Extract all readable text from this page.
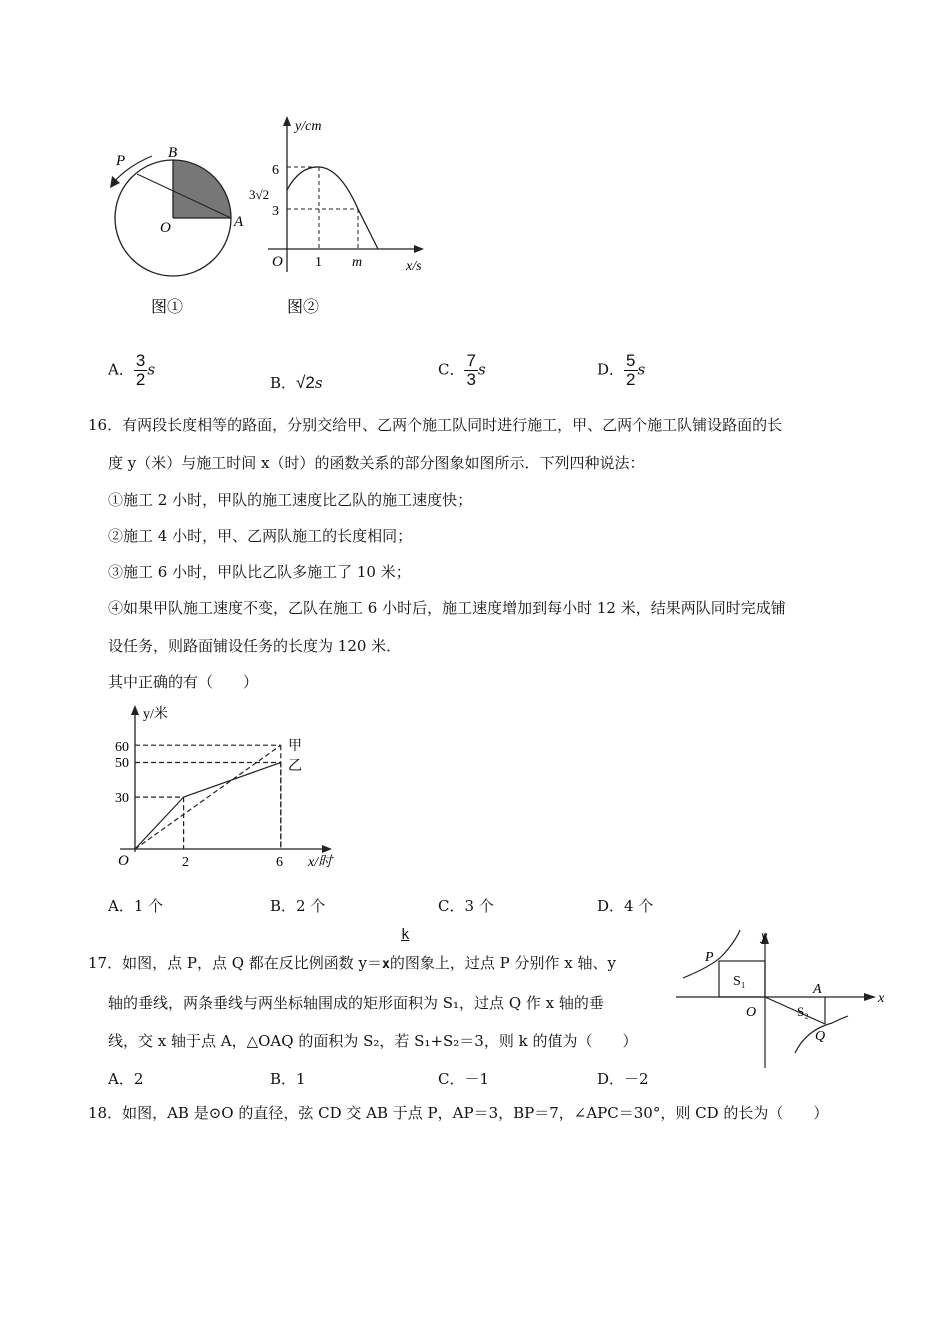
P	B
O	A
图①
y/cm
6
3√2
3
O 1 m	x/s
图②
A． $\frac{3}{2}$ s
B．√2s
C． $\frac{7}{3}$ s	D． $\frac{5}{2}$ s
16．有两段长度相等的路面，分别交给甲、乙两个施工队同时进行施工，甲、乙两个施工队铺设路面的长
度 y（米）与施工时间 x（时）的函数关系的部分图象如图所示．下列四种说法：
①施工 2 小时，甲队的施工速度比乙队的施工速度快；
②施工 4 小时，甲、乙两队施工的长度相同；
③施工 6 小时，甲队比乙队多施工了 10 米；
④如果甲队施工速度不变，乙队在施工 6 小时后，施工速度增加到每小时 12 米，结果两队同时完成铺
设任务，则路面铺设任务的长度为 120 米．
其中正确的有（　　）
y/米
60
50
30
O	2	6 x/时
甲
乙
A．1 个	B．2 个	C．3 个	D．4 个
k
17．如图，点 P，点 Q 都在反比例函数 y＝x的图象上，过点 P 分别作 x 轴、y
轴的垂线，两条垂线与两坐标轴围成的矩形面积为 S₁，过点 Q 作 x 轴的垂
线，交 x 轴于点 A，△OAQ 的面积为 S₂，若 S₁+S₂＝3，则 k 的值为（　　）
P
S₁
y
x
O
A
S₂
Q
A．2	B．1	C．－1	D．－2
18．如图，AB 是⊙O 的直径，弦 CD 交 AB 于点 P，AP＝3，BP＝7，∠APC＝30°，则 CD 的长为（　　）
